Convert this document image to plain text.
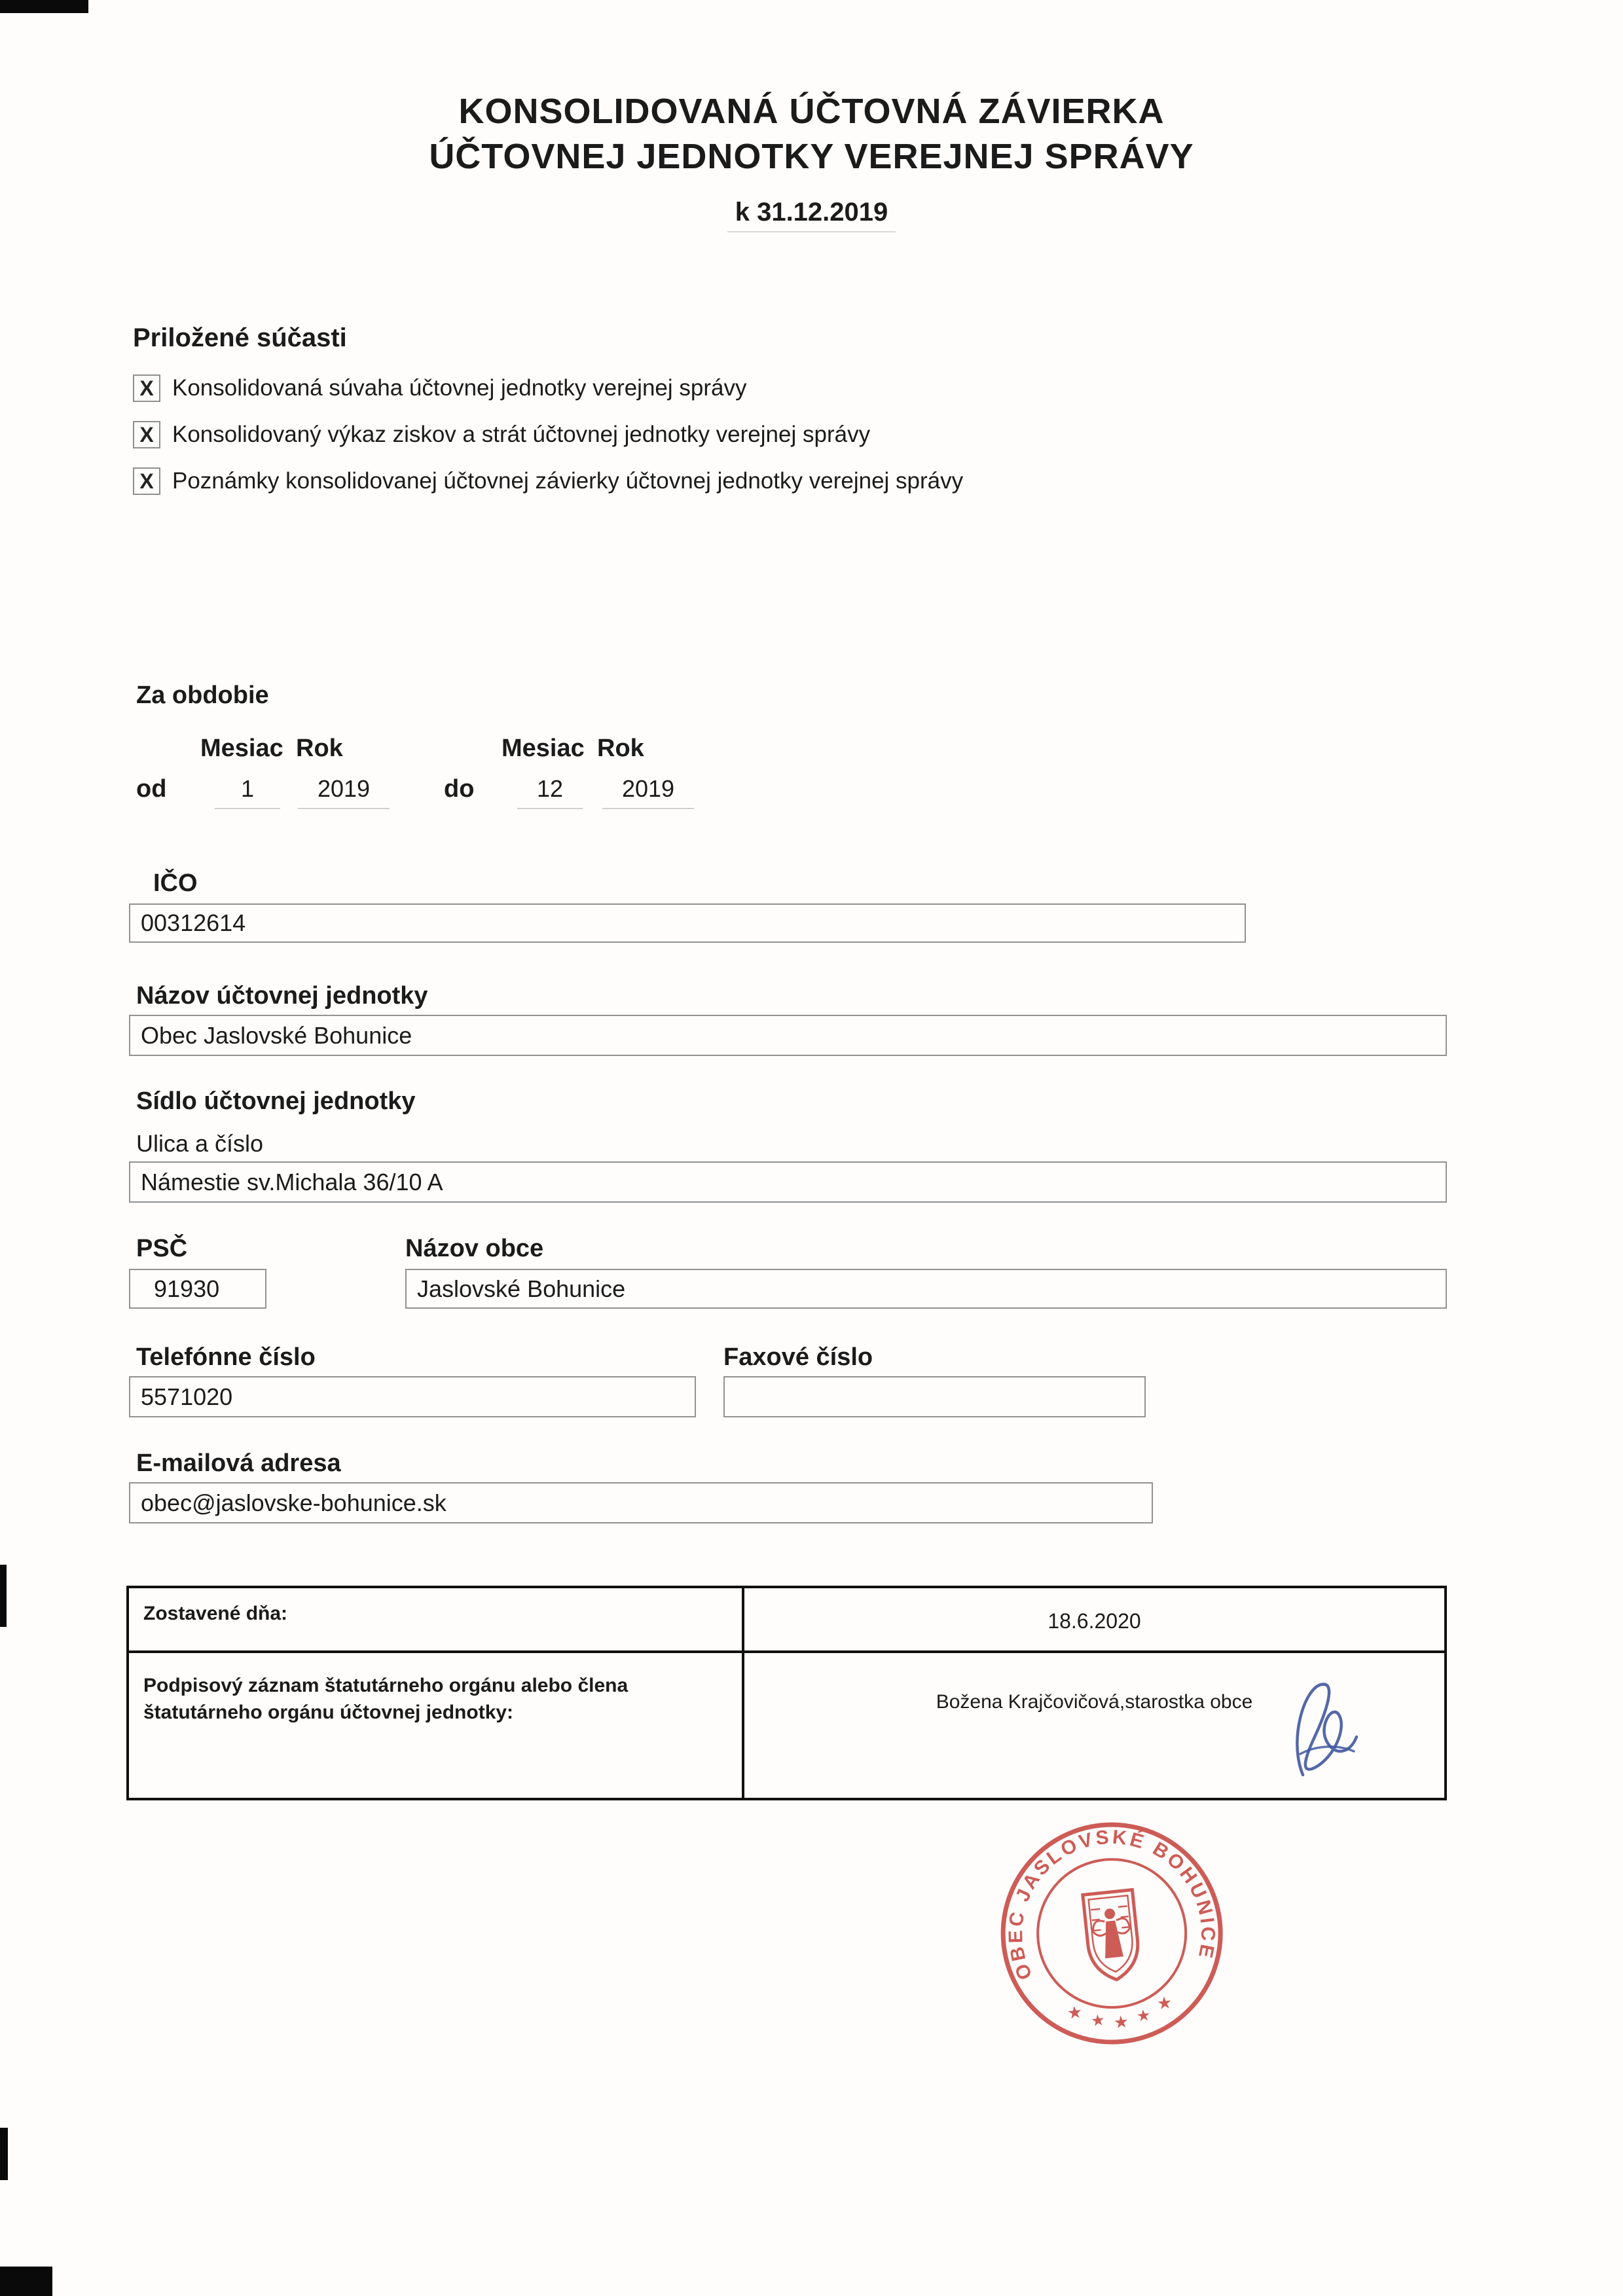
KONSOLIDOVANÁ ÚČTOVNÁ ZÁVIERKA
ÚČTOVNEJ JEDNOTKY VEREJNEJ SPRÁVY
k 31.12.2019
Priložené súčasti
X Konsolidovaná súvaha účtovnej jednotky verejnej správy
X Konsolidovaný výkaz ziskov a strát účtovnej jednotky verejnej správy
X Poznámky konsolidovanej účtovnej závierky účtovnej jednotky verejnej správy
Za obdobie
Mesiac Rok	Mesiac Rok
od	1	2019	do	12	2019
IČO
00312614
Názov účtovnej jednotky
Obec Jaslovské Bohunice
Sídlo účtovnej jednotky
Ulica a číslo
Námestie sv.Michala 36/10 A
PSČ	Názov obce
91930	Jaslovské Bohunice
Telefónne číslo	Faxové číslo
5571020
E-mailová adresa
obec@jaslovske-bohunice.sk
Zostavené dňa:	18.6.2020
Podpisový záznam štatutárneho orgánu alebo člena štatutárneho orgánu účtovnej jednotky:	Božena Krajčovičová,starostka obce
OBEC JASLOVSKÉ BOHUNICE
★ ★ ★ ★
★
